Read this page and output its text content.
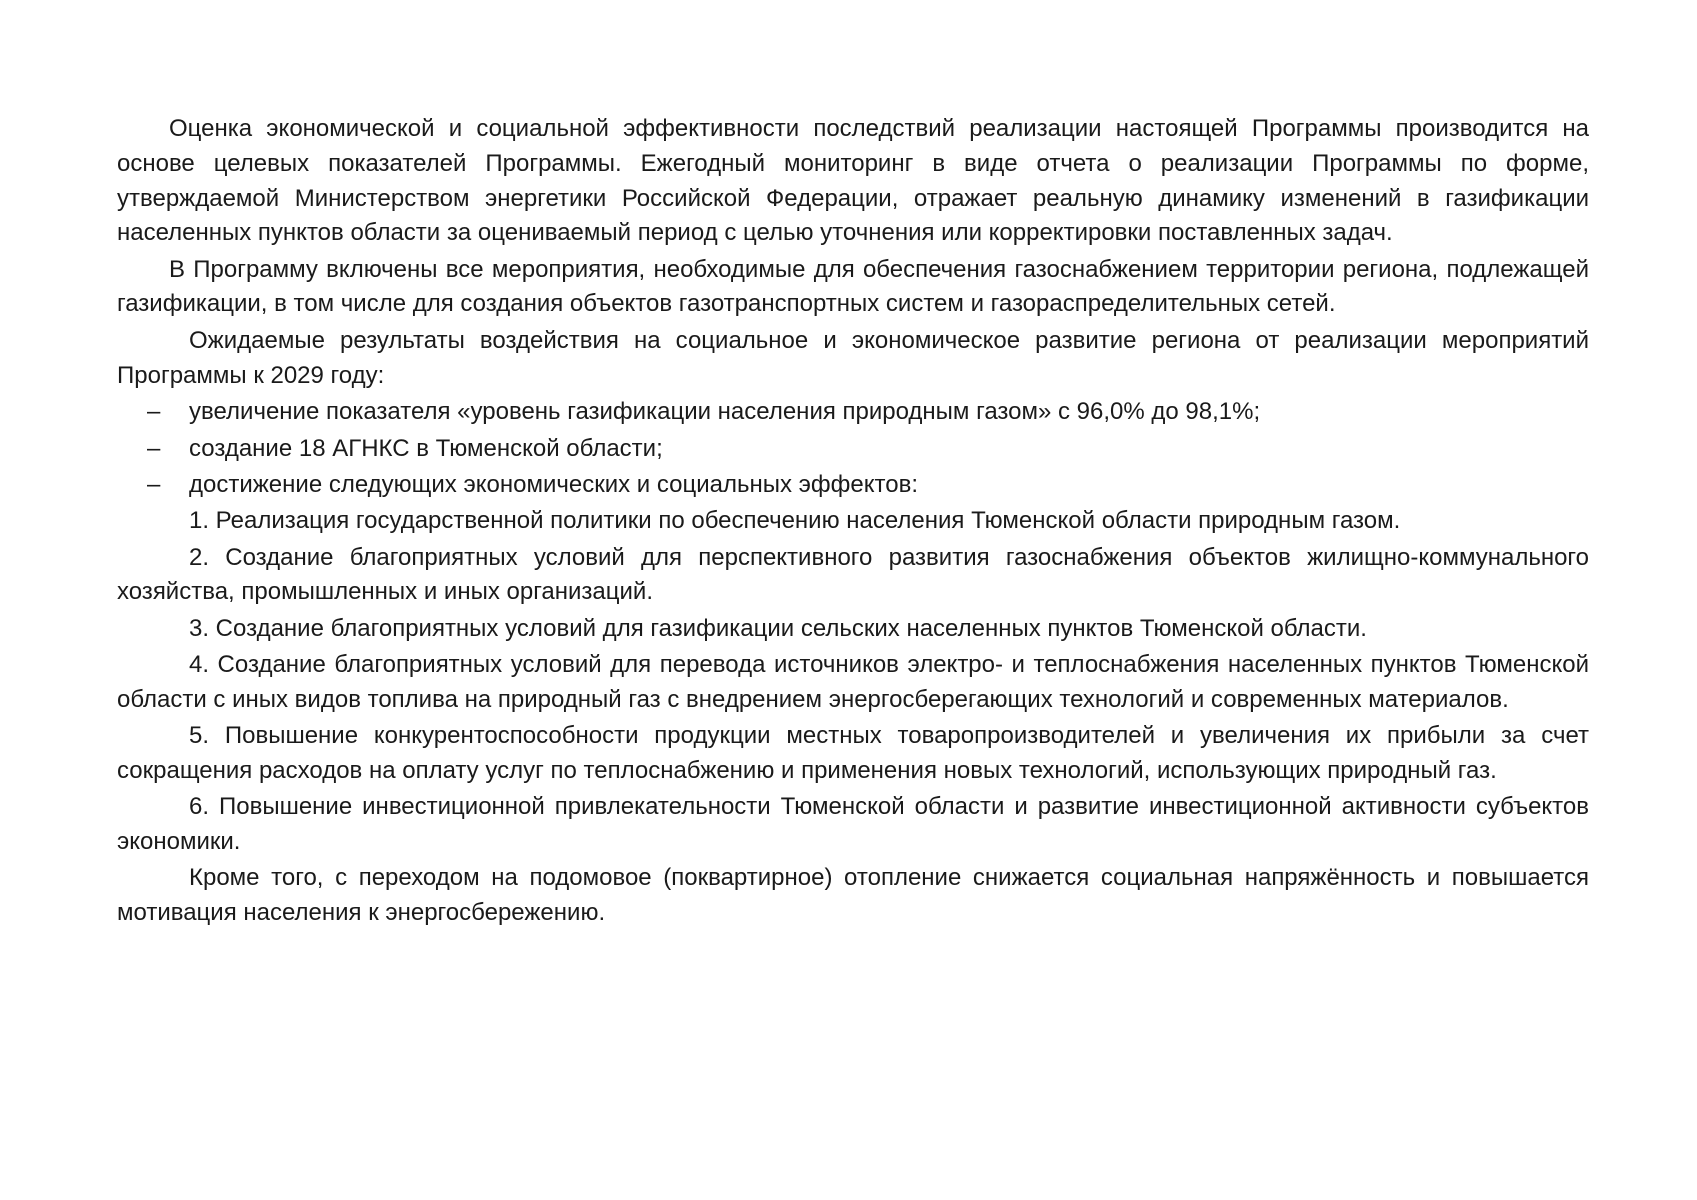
Оценка экономической и социальной эффективности последствий реализации настоящей Программы производится на основе целевых показателей Программы. Ежегодный мониторинг в виде отчета о реализации Программы по форме, утверждаемой Министерством энергетики Российской Федерации, отражает реальную динамику изменений в газификации населенных пунктов области за оцениваемый период с целью уточнения или корректировки поставленных задач.

В Программу включены все мероприятия, необходимые для обеспечения газоснабжением территории региона, подлежащей газификации, в том числе для создания объектов газотранспортных систем и газораспределительных сетей.

Ожидаемые результаты воздействия на социальное и экономическое развитие региона от реализации мероприятий Программы к 2029 году:

– увеличение показателя «уровень газификации населения природным газом» с 96,0% до 98,1%;
– создание 18 АГНКС в Тюменской области;
– достижение следующих экономических и социальных эффектов:

1. Реализация государственной политики по обеспечению населения Тюменской области природным газом.

2. Создание благоприятных условий для перспективного развития газоснабжения объектов жилищно-коммунального хозяйства, промышленных и иных организаций.

3. Создание благоприятных условий для газификации сельских населенных пунктов Тюменской области.

4. Создание благоприятных условий для перевода источников электро- и теплоснабжения населенных пунктов Тюменской области с иных видов топлива на природный газ с внедрением энергосберегающих технологий и современных материалов.

5. Повышение конкурентоспособности продукции местных товаропроизводителей и увеличения их прибыли за счет сокращения расходов на оплату услуг по теплоснабжению и применения новых технологий, использующих природный газ.

6. Повышение инвестиционной привлекательности Тюменской области и развитие инвестиционной активности субъектов экономики.

Кроме того, с переходом на подомовое (поквартирное) отопление снижается социальная напряжённость и повышается мотивация населения к энергосбережению.
